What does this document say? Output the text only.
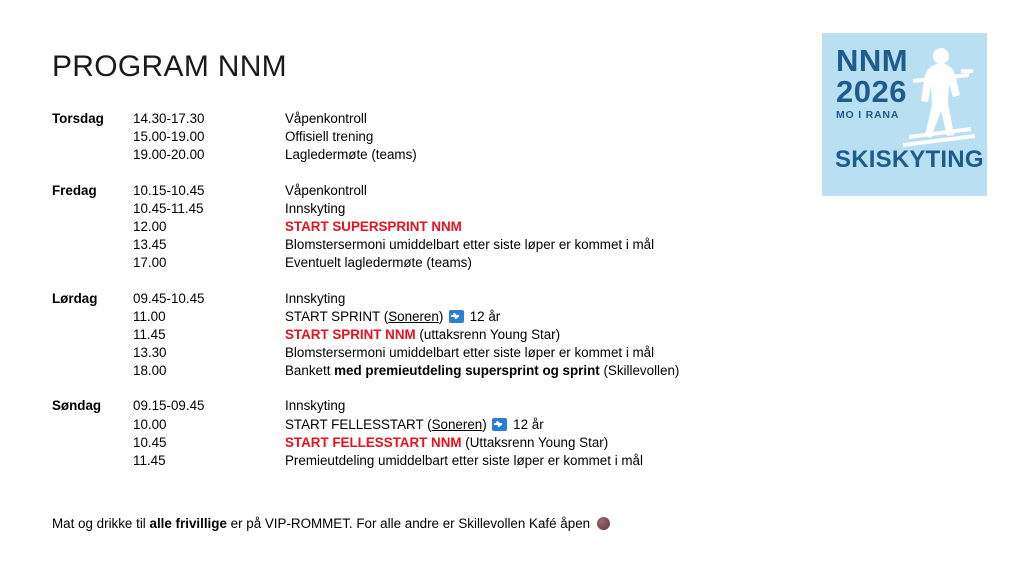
PROGRAM NNM	NNM
2026
MO I RANA
SKISKYTING
Torsdag 14.30-17.30	Våpenkontroll
15.00-19.00	Offisiell trening
19.00-20.00	Lagledermøte (teams)
Fredag	10.15-10.45	Våpenkontroll
10.45-11.45	Innskyting
12.00	START SUPERSPRINT NNM
13.45	Blomstersermoni umiddelbart etter siste løper er kommet i mål
17.00	Eventuelt lagledermøte (teams)
Lørdag	09.45-10.45	Innskyting
11.00	START SPRINT (Soneren)  12 år
11.45	START SPRINT NNM (uttaksrenn Young Star)
13.30	Blomstersermoni umiddelbart etter siste løper er kommet i mål
18.00	Bankett med premieutdeling supersprint og sprint (Skillevollen)
Søndag 09.15-09.45	Innskyting
10.00	START FELLESSTART (Soneren)  12 år
10.45	START FELLESSTART NNM (Uttaksrenn Young Star)
11.45	Premieutdeling umiddelbart etter siste løper er kommet i mål
Mat og drikke til alle frivillige er på VIP-ROMMET. For alle andre er Skillevollen Kafé åpen
